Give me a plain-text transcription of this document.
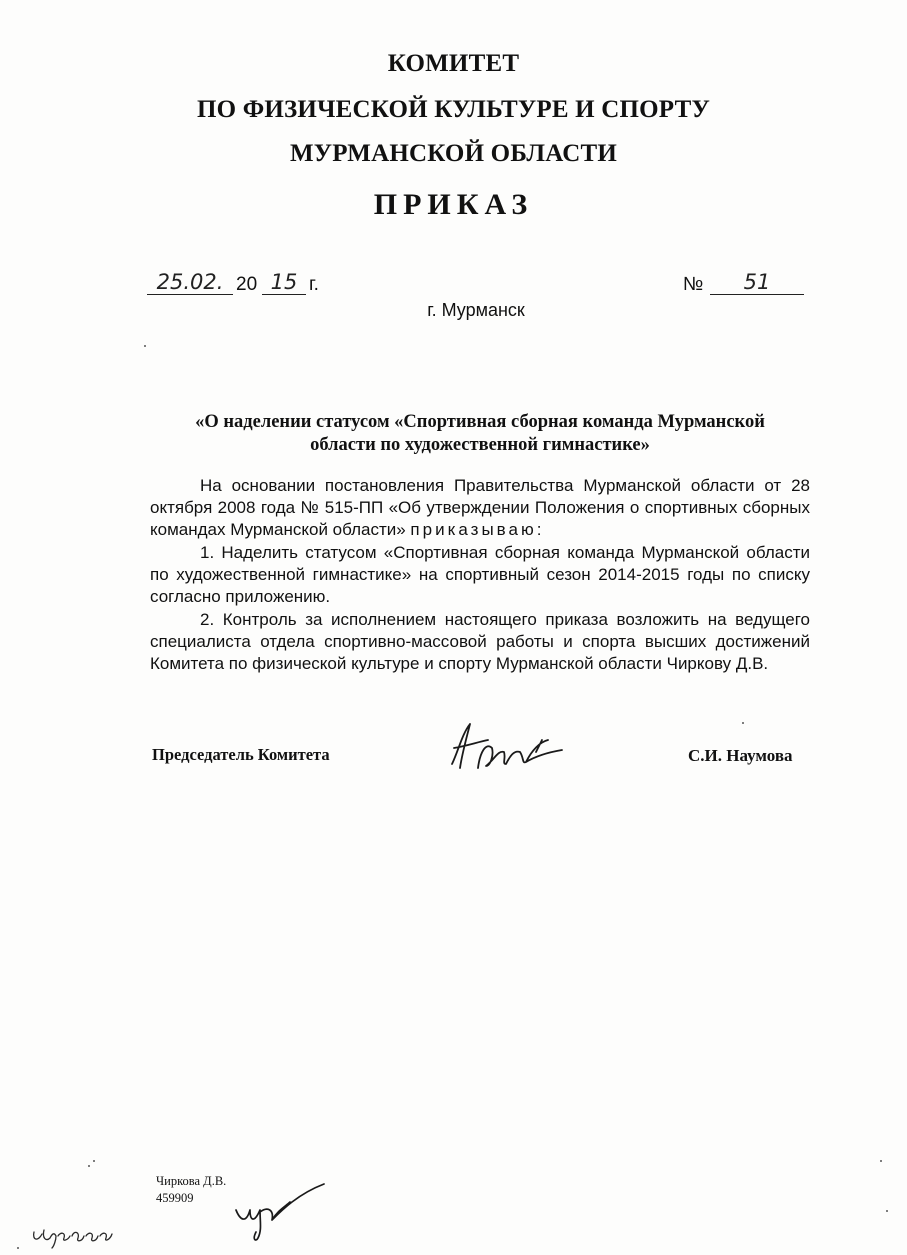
КОМИТЕТ
ПО ФИЗИЧЕСКОЙ КУЛЬТУРЕ И СПОРТУ
МУРМАНСКОЙ ОБЛАСТИ
ПРИКАЗ
25.02. 20 15 г.	№	51
г. Мурманск
«О наделении статусом «Спортивная сборная команда Мурманской области по художественной гимнастике»
На основании постановления Правительства Мурманской области от 28 октября 2008 года № 515-ПП «Об утверждении Положения о спортивных сборных командах Мурманской области» приказываю:
1. Наделить статусом «Спортивная сборная команда Мурманской области по художественной гимнастике» на спортивный сезон 2014-2015 годы по списку согласно приложению.
2. Контроль за исполнением настоящего приказа возложить на ведущего специалиста отдела спортивно-массовой работы и спорта высших достижений Комитета по физической культуре и спорту Мурманской области Чиркову Д.В.
Председатель Комитета	С.И. Наумова
Чиркова Д.В.
459909
